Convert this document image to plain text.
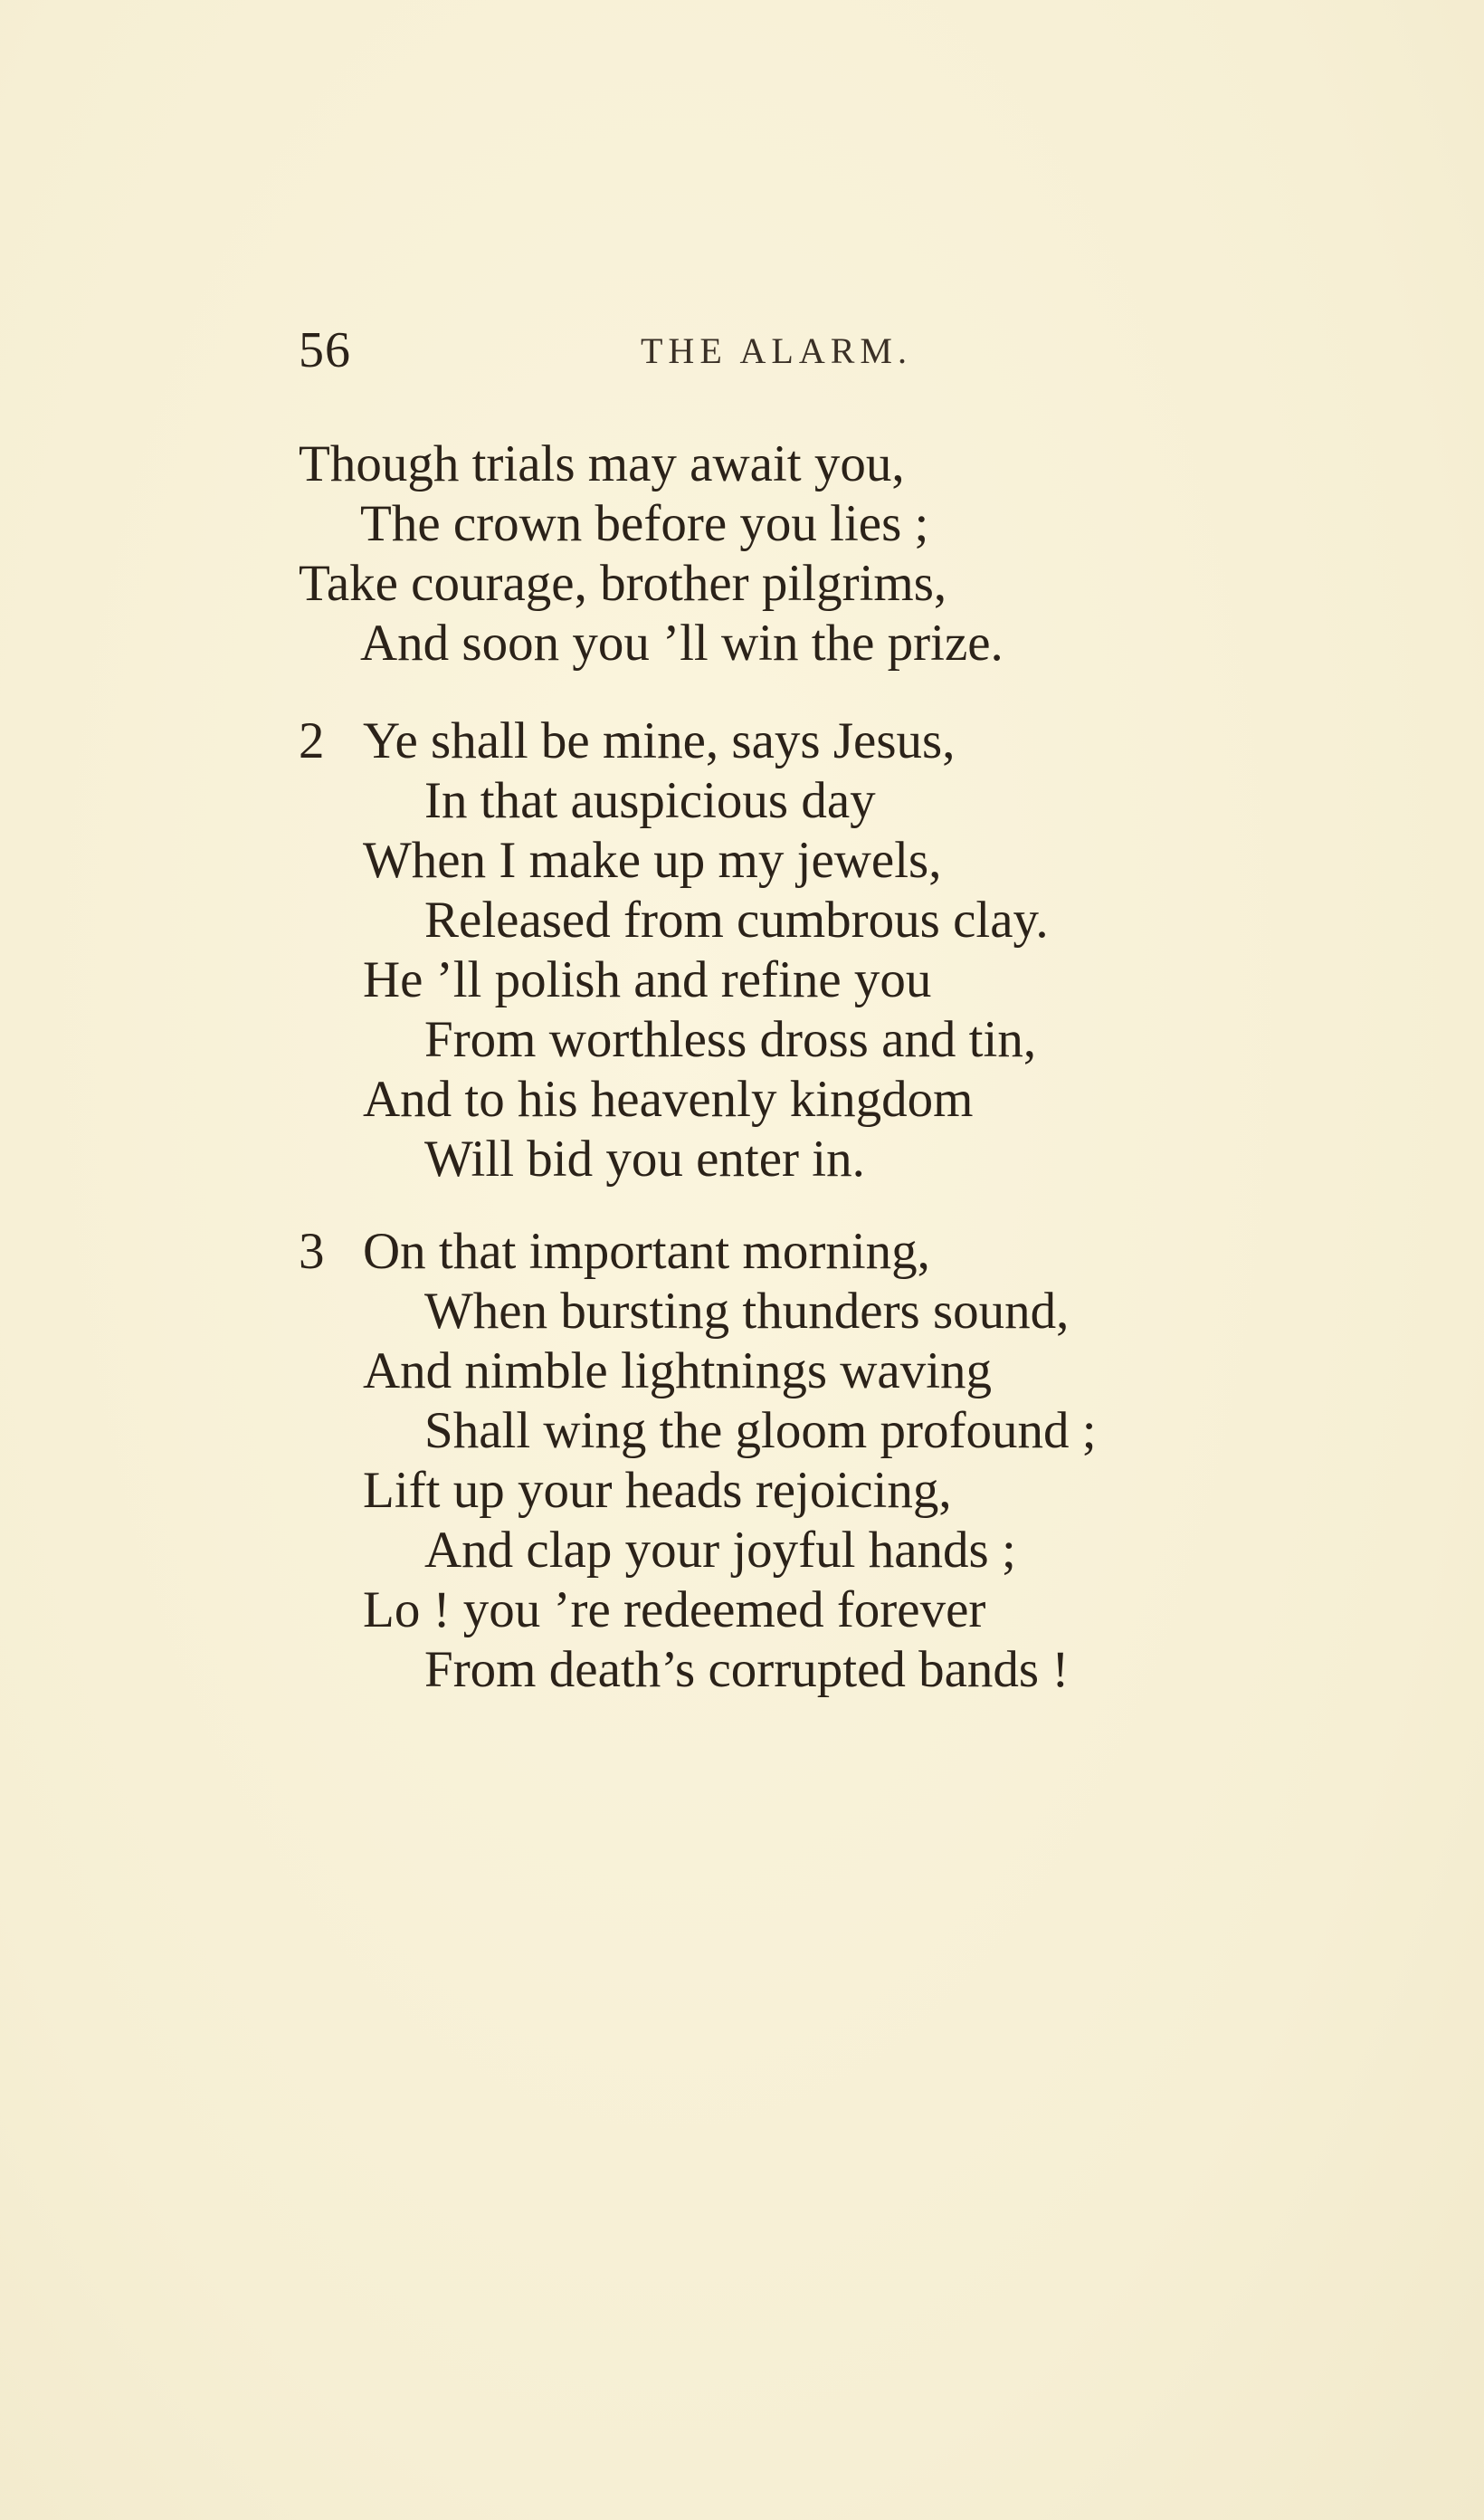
56	THE ALARM.
Though trials may await you,
The crown before you lies ;
Take courage, brother pilgrims,
And soon you ’ll win the prize.
2 Ye shall be mine, says Jesus,
In that auspicious day
When I make up my jewels,
Released from cumbrous clay.
He ’ll polish and refine you
From worthless dross and tin,
And to his heavenly kingdom
Will bid you enter in.
3 On that important morning,
When bursting thunders sound,
And nimble lightnings waving
Shall wing the gloom profound ;
Lift up your heads rejoicing,
And clap your joyful hands ;
Lo ! you ’re redeemed forever
From death’s corrupted bands !
